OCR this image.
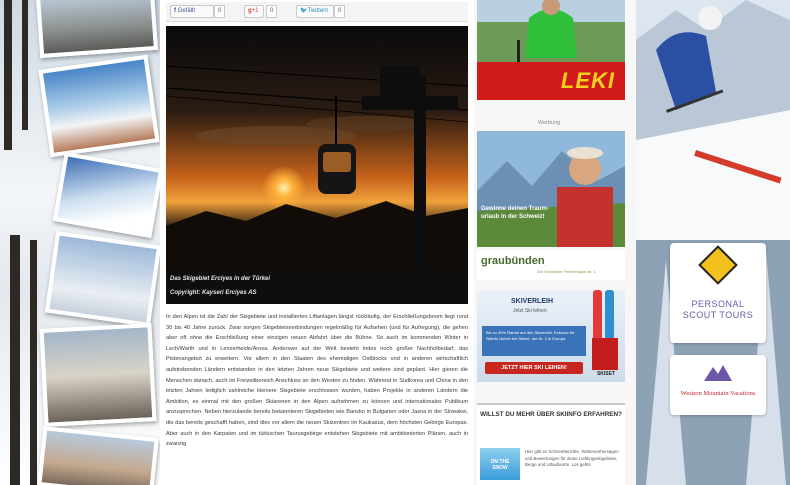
f Gefällt	0	g+1	0	🐦Twittern	0
Das Skigebiet Erciyes in der Türkei
Copyright: Kayseri Erciyes AS
In den Alpen ist die Zahl der Skigebiete und installierten Liftanlagen längst rückläufig, der Erschließungsboom liegt rund 30 bis 40 Jahre zurück. Zwar sorgen Skigebietsverbindungen regelmäßig für Aufsehen (und für Aufregung), die gehen aber oft ohne die Erschließung einer einzigen neuen Abfahrt über die Bühne. So auch im kommenden Winter in Lech/Warth und in Lenzerheide/Arosa. Anderswo auf der Welt besteht indes noch großer Nachholbedarf, das Pistenangebot zu erweitern. Vor allem in den Staaten des ehemaligen Ostblocks und in anderen wirtschaftlich aufstrebenden Ländern entstanden in den letzten Jahren neue Skigebiete und weitere sind geplant. Hier gieren die Menschen danach, auch im Freizeitbereich Anschluss an den Westen zu finden. Während in Südkorea und China in den letzten Jahren lediglich zahlreiche kleinere Skigebiete erschlossen wurden, haben Projekte in anderen Ländern die Ambition, es einmal mit den großen Skiarenen in den Alpen aufnehmen zu können und internationales Publikum anzusprechen. Neben hierzulande bereits bekannteren Skigebieten wie Bansko in Bulgarien oder Jasna in der Slowakei, die das bereits geschafft haben, sind dies vor allem die neuen Skizentren im Kaukasus, dem höchsten Gebirge Europas. Aber auch in den Karpaten und im türkischen Taurusgebirge entstehen Skigebiete mit ambitionierten Plänen, auch in zwanzig
LEKI
Werbung
Gewinne deinen Traum-urlaub in der Schweiz!
graubünden
Die Schweizer Ferienregion Nr. 1
SKIVERLEIH
Jetzt Ski leihen
Bis zu 40% Rabatt auf den Skiverleih. Exklusiv für Skiinfo Nutzer bei Skiset, der Nr. 1 in Europa
JETZT HIER SKI LEIHEN!
SKISET
WILLST DU MEHR ÜBER SKIINFO ERFAHREN?
ON THE SNOW
Hier gibt es Schneeberichte, Wettervorhersagen und Bewertungen für deine Lieblingsskigebiete, Berge und Urlaubsorte. Los gehts
PERSONAL SCOUT TOURS
Western Mountain Vacations
